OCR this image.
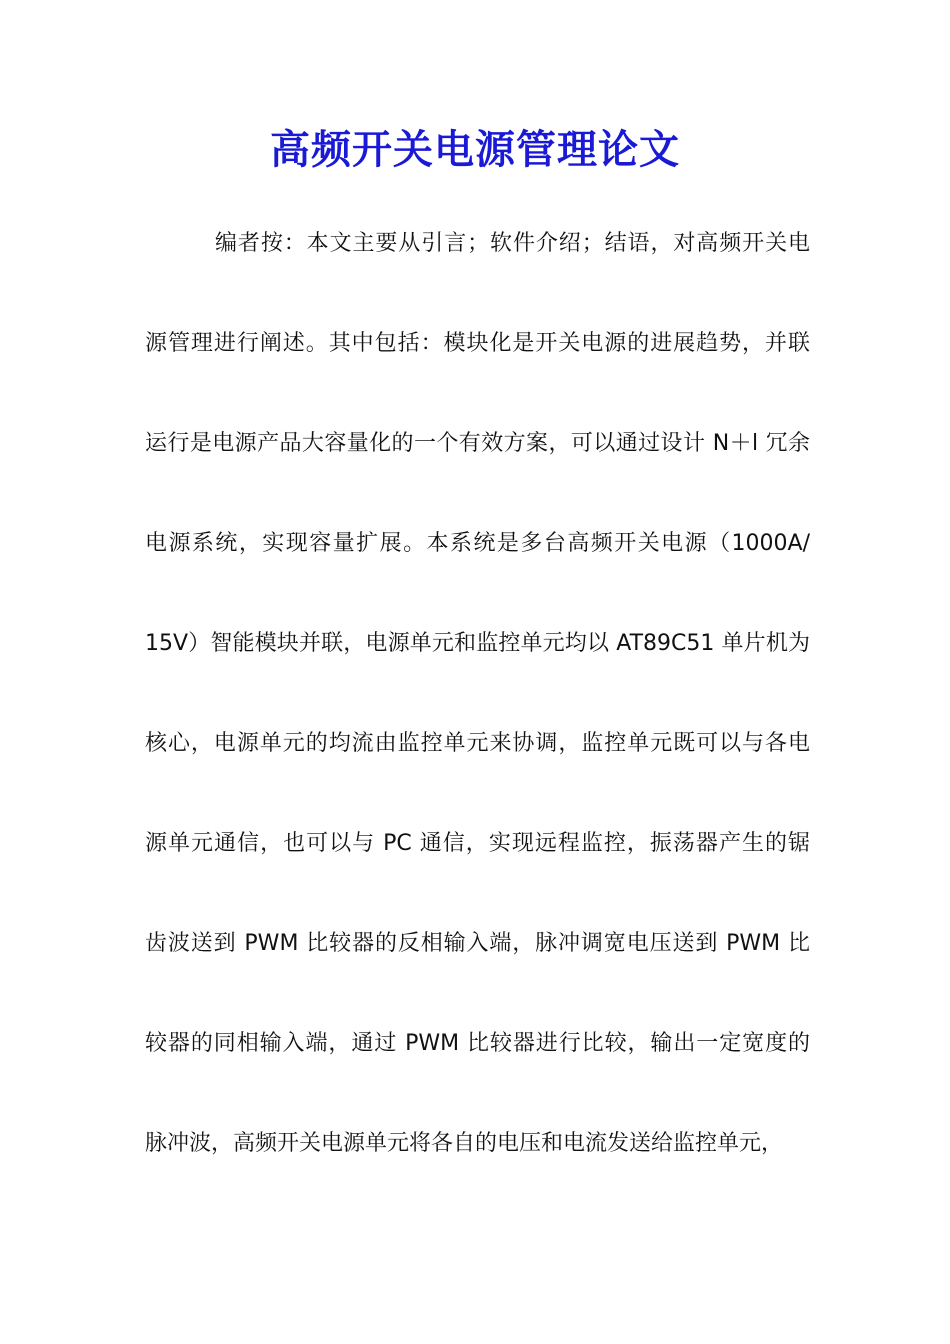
高频开关电源管理论文
编者按：本文主要从引言；软件介绍；结语，对高频开关电
源管理进行阐述。其中包括：模块化是开关电源的进展趋势，并联
运行是电源产品大容量化的一个有效方案，可以通过设计 N＋l 冗余
电源系统，实现容量扩展。本系统是多台高频开关电源（1000A/
15V）智能模块并联，电源单元和监控单元均以 AT89C51 单片机为
核心，电源单元的均流由监控单元来协调，监控单元既可以与各电
源单元通信，也可以与 PC 通信，实现远程监控，振荡器产生的锯
齿波送到 PWM 比较器的反相输入端，脉冲调宽电压送到 PWM 比
较器的同相输入端，通过 PWM 比较器进行比较，输出一定宽度的
脉冲波，高频开关电源单元将各自的电压和电流发送给监控单元，
